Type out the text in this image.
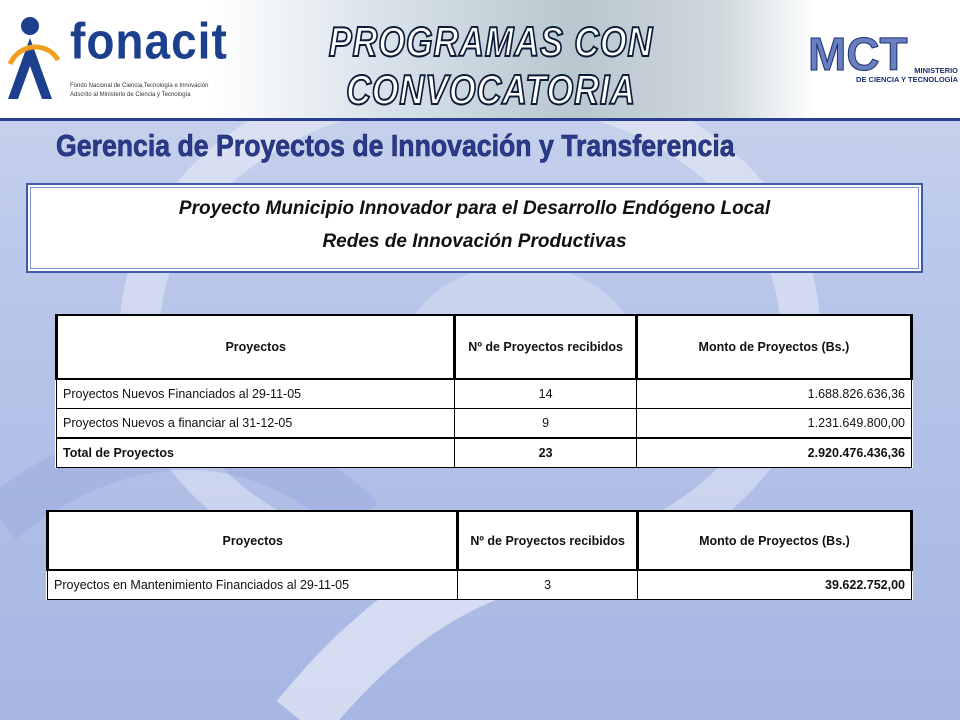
fonacit
Fondo Nacional de Ciencia,Tecnología e Innovación
Adscrito al Ministerio de Ciencia y Tecnología
PROGRAMAS CON CONVOCATORIA
MCT MINISTERIO
DE CIENCIA Y TECNOLOGÍA
Gerencia de Proyectos de Innovación y Transferencia
Proyecto Municipio Innovador para el Desarrollo Endógeno Local
Redes de Innovación Productivas
Proyectos	Nº de Proyectos recibidos	Monto de Proyectos (Bs.)
Proyectos Nuevos Financiados al 29-11-05	14	1.688.826.636,36
Proyectos Nuevos a financiar al 31-12-05	9	1.231.649.800,00
Total de Proyectos	23	2.920.476.436,36
Proyectos	Nº de Proyectos recibidos	Monto de Proyectos (Bs.)
Proyectos en Mantenimiento Financiados al 29-11-05	3	39.622.752,00
